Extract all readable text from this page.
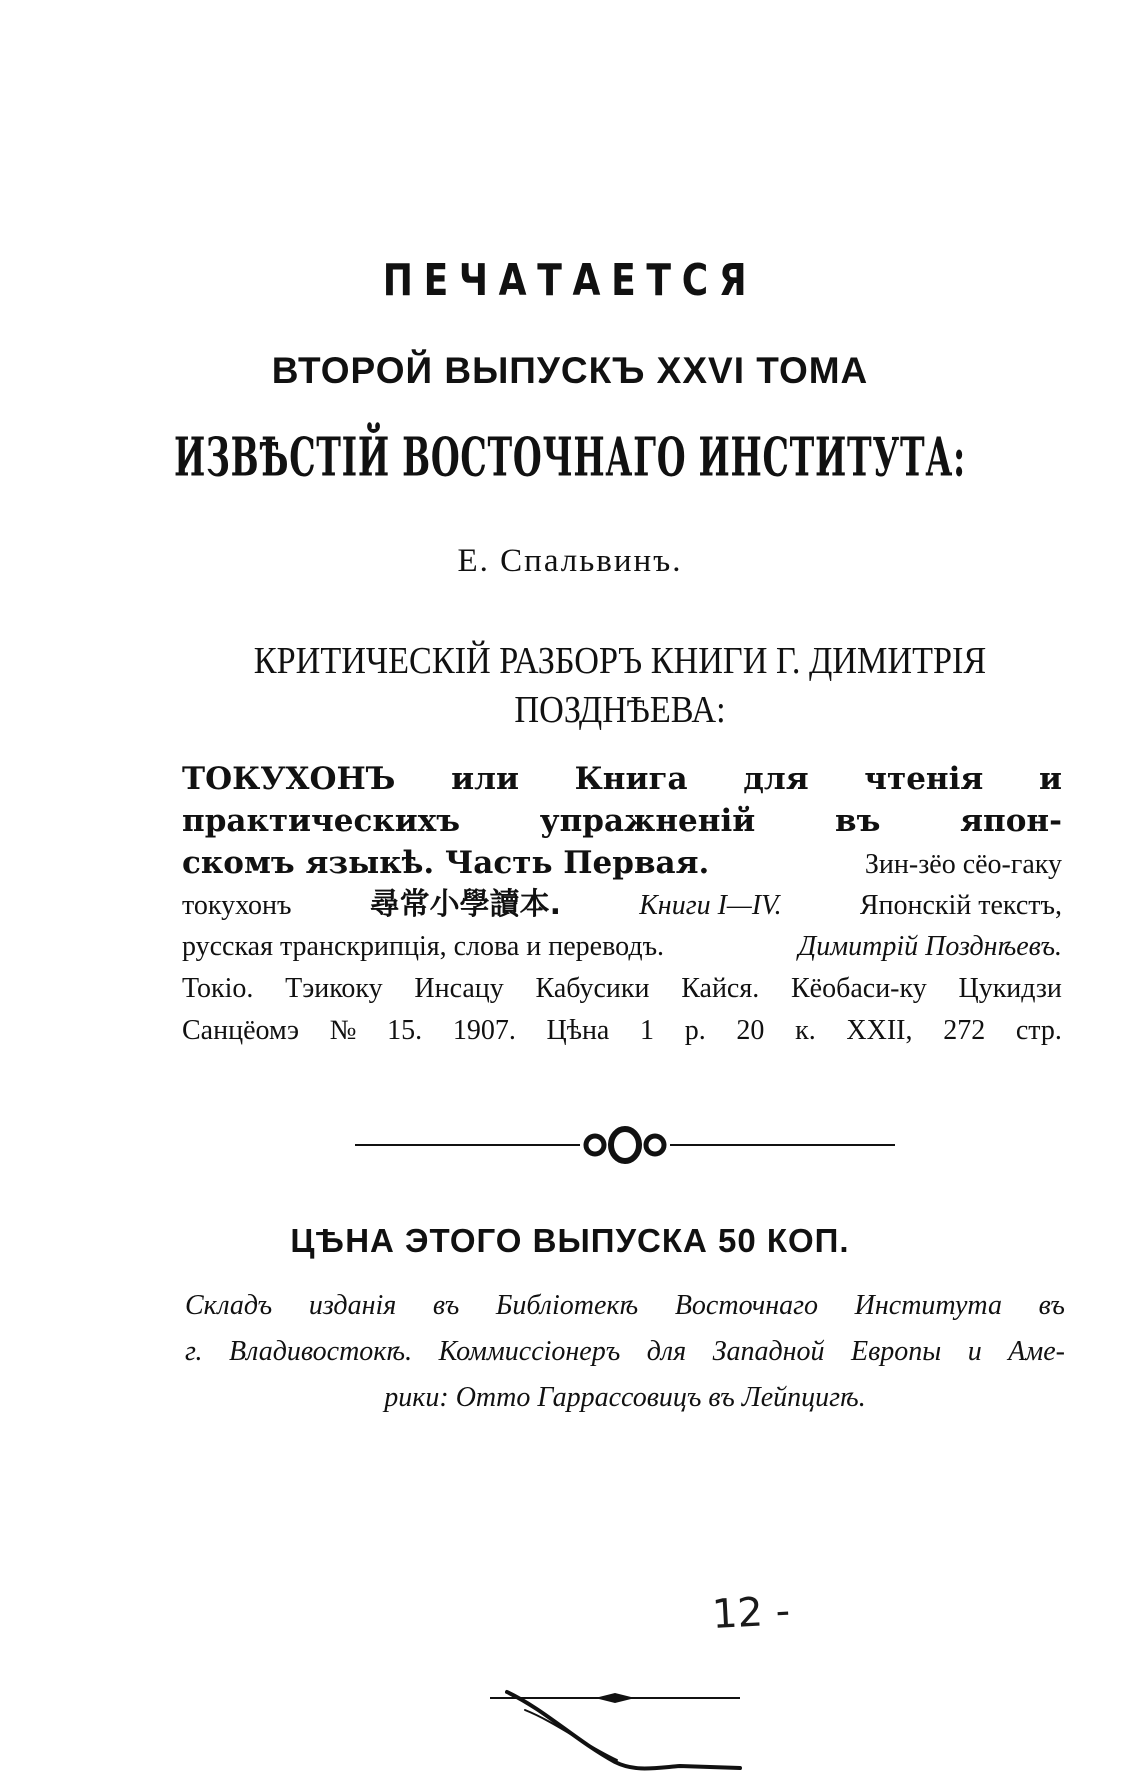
ПЕЧАТАЕТСЯ
ВТОРОЙ ВЫПУСКЪ XXVI ТОМА
ИЗВѢСТІЙ ВОСТОЧНАГО ИНСТИТУТА:
Е. Спальвинъ.
КРИТИЧЕСКІЙ РАЗБОРЪ КНИГИ Г. ДИМИТРІЯ
ПОЗДНѢЕВА:
ТОКУХОНЪ или Книга для чтенія и
практическихъ	упражненій	въ	япон-
скомъ языкѣ. Часть Первая.	Зин-зёо сёо-гаку
токухонъ	尋常小學讀本.	Книги I—IV.	Японскій текстъ,
русская транскрипція, слова и переводъ.	Димитрій Позднѣевъ.
Токіо. Тэикоку Инсацу Кабусики Кайся. Кёобаси-ку Цукидзи
Санцёомэ № 15. 1907. Цѣна 1 р. 20 к. XXII, 272 стр.
ЦѢНА ЭТОГО ВЫПУСКА 50 КОП.
Складъ изданія въ Библіотекѣ Восточнаго Института въ
г. Владивостокѣ. Коммиссіонеръ для Западной Европы и Аме-
рики: Отто Гаррассовицъ въ Лейпцигѣ.
12 -
